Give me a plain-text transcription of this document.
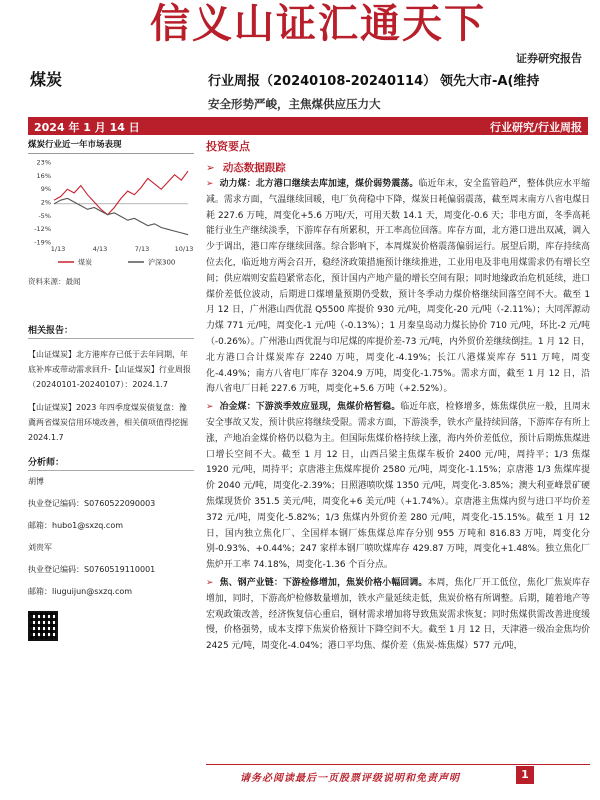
信义山证汇通天下
证券研究报告
煤炭	行业周报（20240108-20240114） 领先大市-A(维持
安全形势严峻，主焦煤供应压力大
2024 年 1 月 14 日	行业研究/行业周报
煤炭行业近一年市场表现
23%
16%
9%
2%
-5%
-12%
-19%
1/13	4/13	7/13	10/13
煤炭	沪深300
资料来源：最闻
相关报告：
【山证煤炭】北方港库存已低于去年同期，年底补库或带动需求回升-【山证煤炭】行业周报（20240101-20240107）：2024.1.7
【山证煤炭】2023 年四季度煤炭债复盘：豫冀两省煤炭信用环境改善，相关债项值得挖掘 2024.1.7
分析师：
胡博
执业登记编码：S0760522090003
邮箱：hubo1@sxzq.com
刘贵军
执业登记编码：S0760519110001
邮箱：liuguijun@sxzq.com
投资要点
➢ 动态数据跟踪
➢ 动力煤：北方港口继续去库加速，煤价弱势震荡。临近年末，安全监管趋严，整体供应水平缩减。需求方面，气温继续回暖，电厂负荷稳中下降，煤炭日耗偏弱震荡，截至周末南方八省电煤日耗 227.6 万吨，周变化+5.6 万吨/天，可用天数 14.1 天，周变化-0.6 天；非电方面，冬季高耗能行业生产继续淡季，下游库存有所累积，开工率高位回落。库存方面，北方港口进出双减，调入少于调出，港口库存继续回落。综合影响下，本周煤炭价格震荡偏弱运行。展望后期，库存持续高位去化，临近地方两会召开，稳经济政策措施预计继续推进，工业用电及非电用煤需求仍有增长空间；供应端则安监趋紧常态化，预计国内产地产量的增长空间有限；同时地缘政治危机延续，进口煤价差低位波动，后期进口煤增量预期仍受数，预计冬季动力煤价格继续回落空间不大。截至 1 月 12 日，广州港山西优混 Q5500 库提价 930 元/吨，周变化-20 元/吨（-2.11%）；大同浑源动力煤 771 元/吨，周变化-1 元/吨（-0.13%）；1 月秦皇岛动力煤长协价 710 元/吨，环比-2 元/吨（-0.26%）。广州港山西优混与印尼煤的库提价差-73 元/吨，内外贸价差继续倒挂。1 月 12 日，北方港口合计煤炭库存 2240 万吨，周变化-4.19%；长江八港煤炭库存 511 万吨，周变化-4.49%；南方八省电厂库存 3204.9 万吨，周变化-1.75%。需求方面，截至 1 月 12 日，沿海八省电厂日耗 227.6 万吨，周变化+5.6 万吨（+2.52%）。
➢ 冶金煤：下游淡季效应显现，焦煤价格暂稳。临近年底，检修增多，炼焦煤供应一般，且周末安全事故又发，预计供应将继续受限。需求方面，下游淡季，铁水产量持续回落，下游库存有所上涨，产地冶金煤价格仍以稳为主。但国际焦煤价格持续上涨，海内外价差低位，预计后期炼焦煤进口增长空间不大。截至 1 月 12 日，山西吕梁主焦煤车板价 2400 元/吨，周持平；1/3 焦煤 1920 元/吨，周持平；京唐港主焦煤库提价 2580 元/吨，周变化-1.15%；京唐港 1/3 焦煤库提价 2040 元/吨，周变化-2.39%；日照港喷吹煤 1350 元/吨，周变化-3.85%；澳大利亚峰景矿硬焦煤现货价 351.5 美元/吨，周变化+6 美元/吨（+1.74%）。京唐港主焦煤内贸与进口平均价差 372 元/吨，周变化-5.82%；1/3 焦煤内外贸价差 280 元/吨，周变化-15.15%。截至 1 月 12 日，国内独立焦化厂、全国样本钢厂炼焦煤总库存分别 955 万吨和 816.83 万吨，周变化分别-0.93%、+0.44%；247 家样本钢厂喷吹煤库存 429.87 万吨，周变化+1.48%。独立焦化厂焦炉开工率 74.18%，周变化-1.36 个百分点。
➢ 焦、钢产业链：下游检修增加，焦炭价格小幅回调。本周，焦化厂开工低位，焦化厂焦炭库存增加，同时，下游高炉检修数量增加，铁水产量延续走低，焦炭价格有所调整。后期，随着地产等宏观政策改善，经济恢复信心重启，钢材需求增加将导致焦炭需求恢复；同时焦煤供需改善进度缓慢，价格强势，成本支撑下焦炭价格预计下降空间不大。截至 1 月 12 日，天津港一级冶金焦均价 2425 元/吨，周变化-4.04%；港口平均焦、煤价差（焦炭-炼焦煤）577 元/吨，
请务必阅读最后一页股票评级说明和免责声明	1
